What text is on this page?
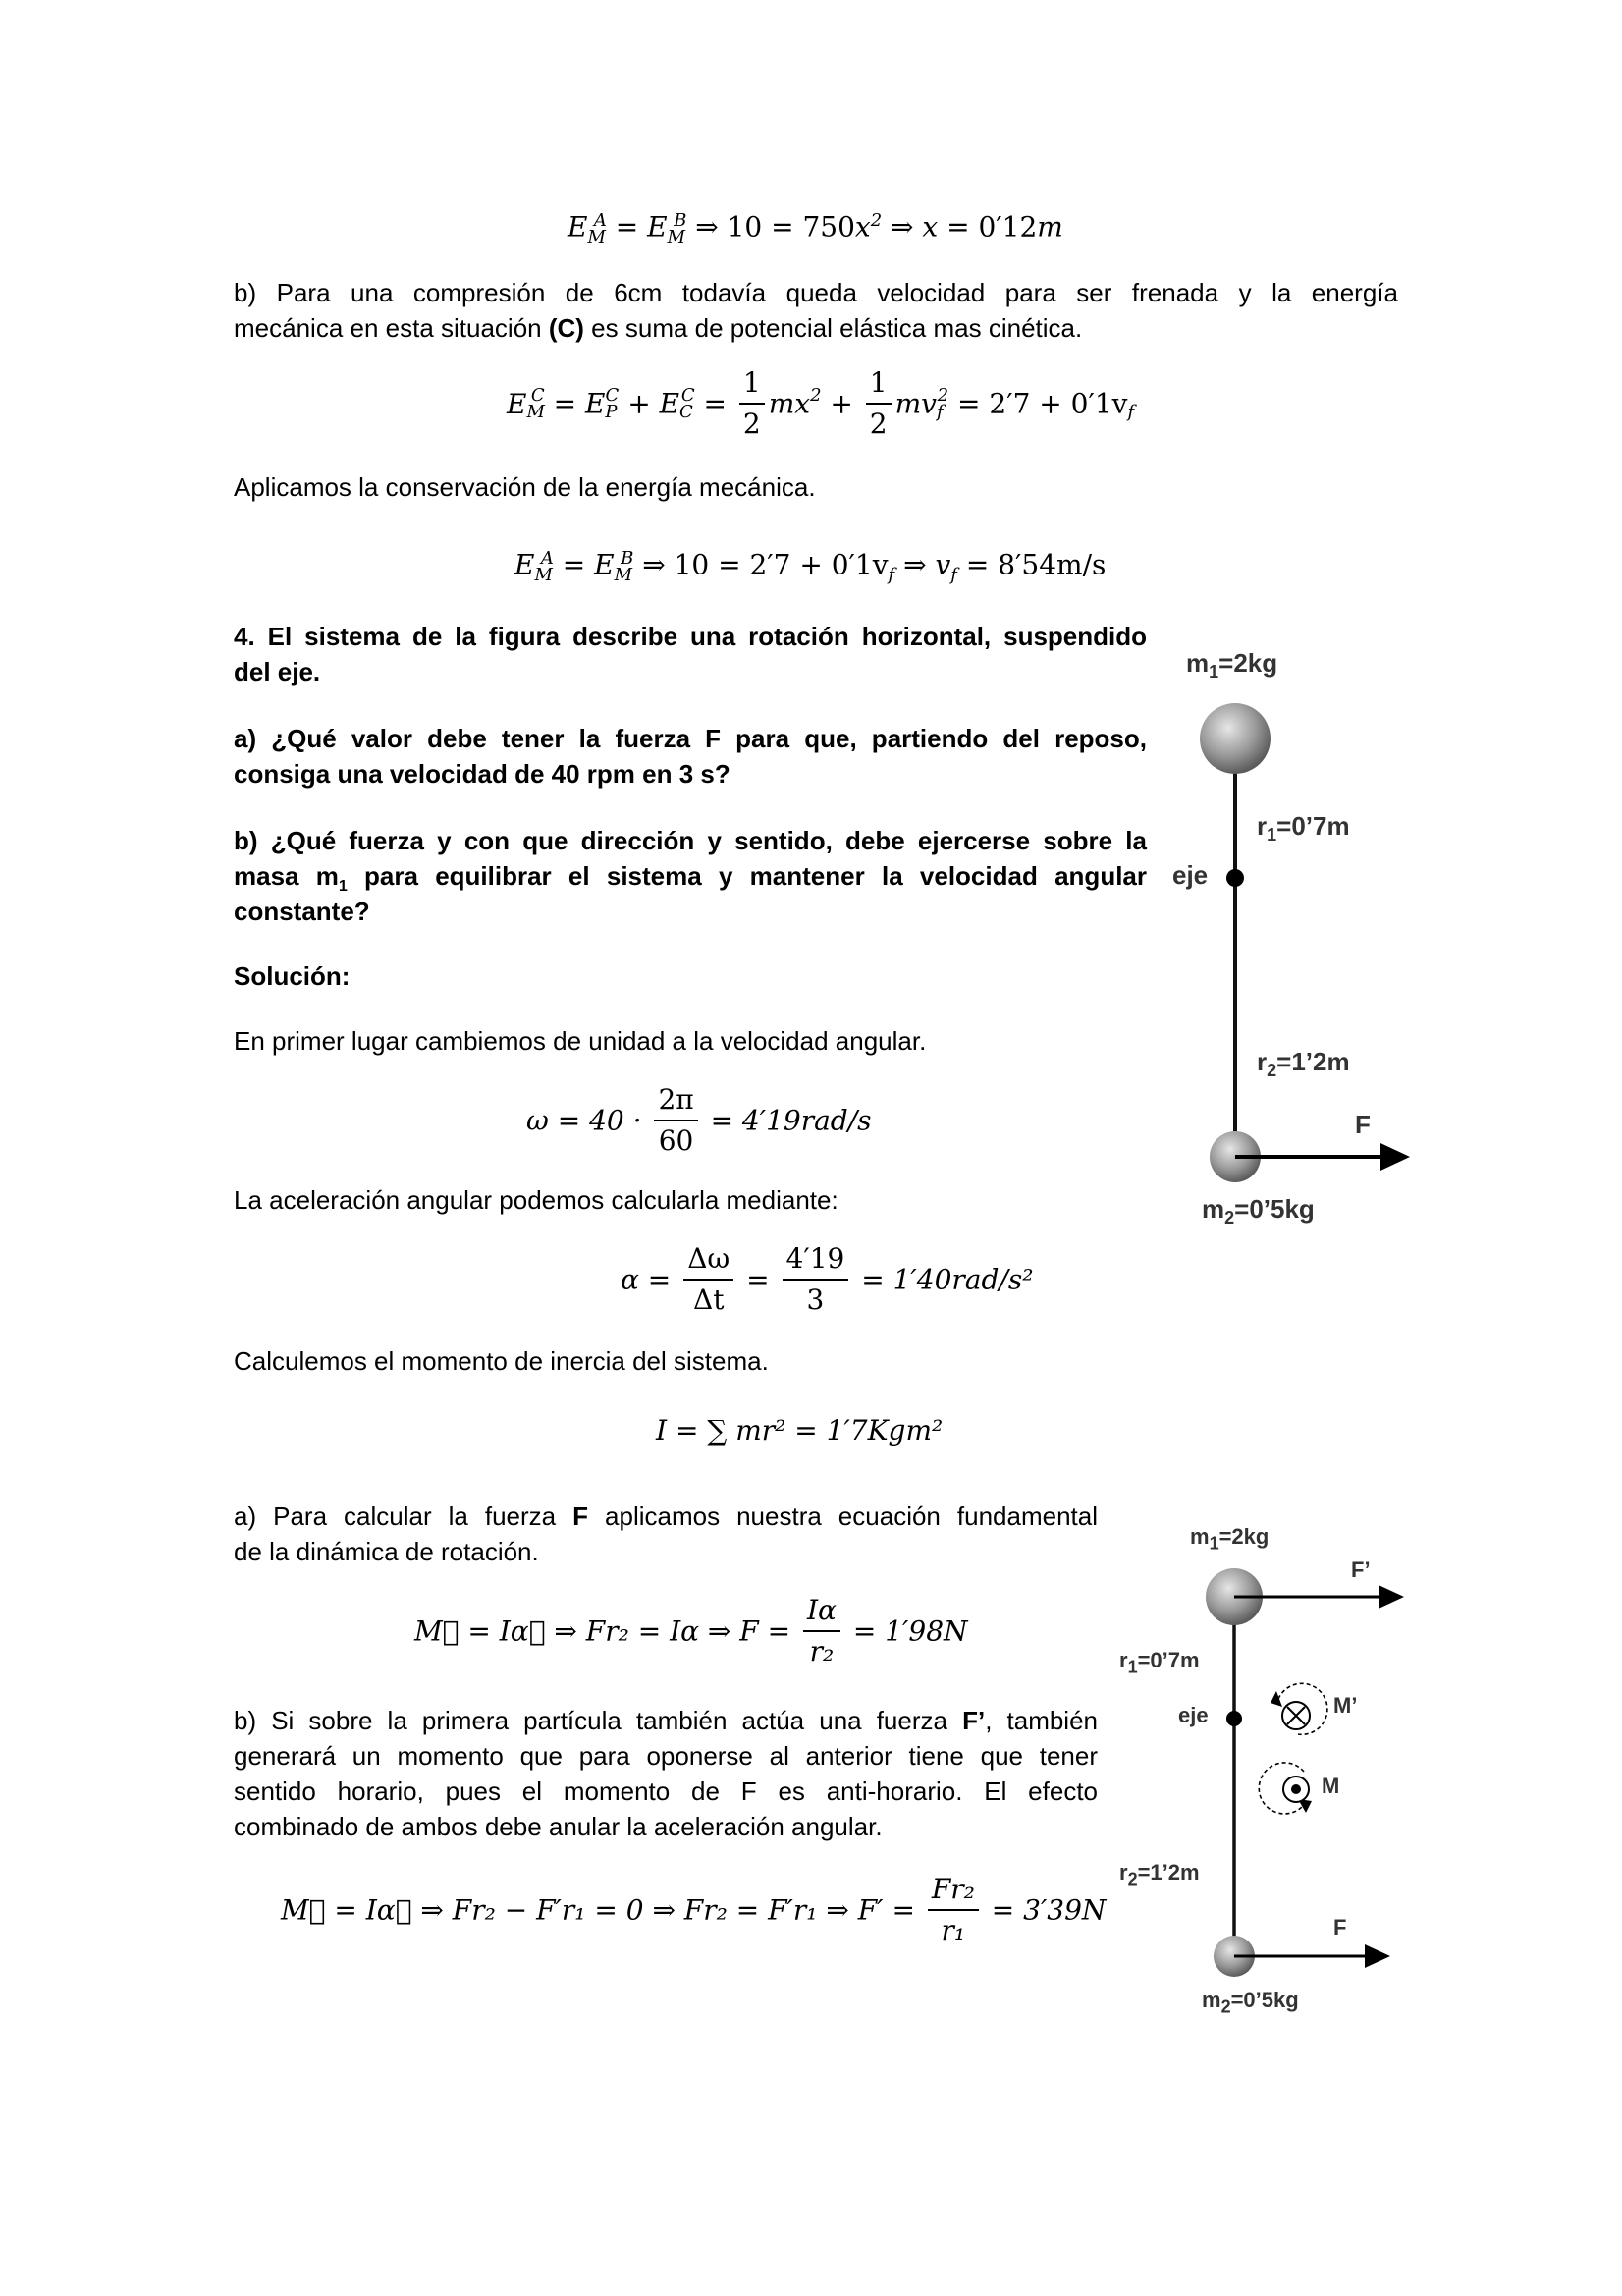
$E_M^A = E_M^B$ ⇒ $10 = 750x^2$ ⇒ x = 0′12m
b) Para una compresión de 6cm todavía queda velocidad para ser frenada y la energía
mecánica en esta situación (C) es suma de potencial elástica mas cinética.
$E_M^C = E_P^C + E_C^C = \frac{1}{2} mx^2 + \frac{1}{2} mv_f^2 = 2'7 + 0'1v_f$
Aplicamos la conservación de la energía mecánica.
$E_M^A = E_M^B$ ⇒ $10 = 2'7 + 0'1v_f$ ⇒ $v_f = 8'54m/s$
4. El sistema de la figura describe una rotación horizontal, suspendido
del eje.
a) ¿Qué valor debe tener la fuerza F para que, partiendo del reposo,
consiga una velocidad de 40 rpm en 3 s?
b) ¿Qué fuerza y con que dirección y sentido, debe ejercerse sobre la
masa $m_1$ para equilibrar el sistema y mantener la velocidad angular
constante?
Solución:
En primer lugar cambiemos de unidad a la velocidad angular.
$\omega = 40 \cdot \frac{2\pi}{60} = 4'19rad/s$
La aceleración angular podemos calcularla mediante:
$\alpha = \frac{\Delta\omega}{\Delta t} = \frac{4'19}{3} = 1'40rad/s^2$
Calculemos el momento de inercia del sistema.
I = ∑ mr² = 1′7Kgm²
a) Para calcular la fuerza F aplicamos nuestra ecuación fundamental
de la dinámica de rotación.
M⃗ = Iα⃗ ⇒ Fr₂ = Iα ⇒ $F = \frac{I\alpha}{\text{r₂}} = 1'98N$
b) Si sobre la primera partícula también actúa una fuerza F’, también
generará un momento que para oponerse al anterior tiene que tener
sentido horario, pues el momento de F es anti-horario. El efecto
combinado de ambos debe anular la aceleración angular.
M⃗ = Iα⃗ ⇒ Fr₂ − F′r₁ = 0 ⇒ Fr₂ = F′r₁ ⇒ $F' = \frac{\text{Fr₂}}{\text{r₁}} = 3'39N$
$m_1=2kg$
$r_1=0’7m$
eje
$r_2=1’2m$
F
$m_2=0’5kg$
$m_1=2kg$
F’
$r_1=0’7m$
eje	M’
M
$r_2=1’2m$
F
$m_2=0’5kg$
